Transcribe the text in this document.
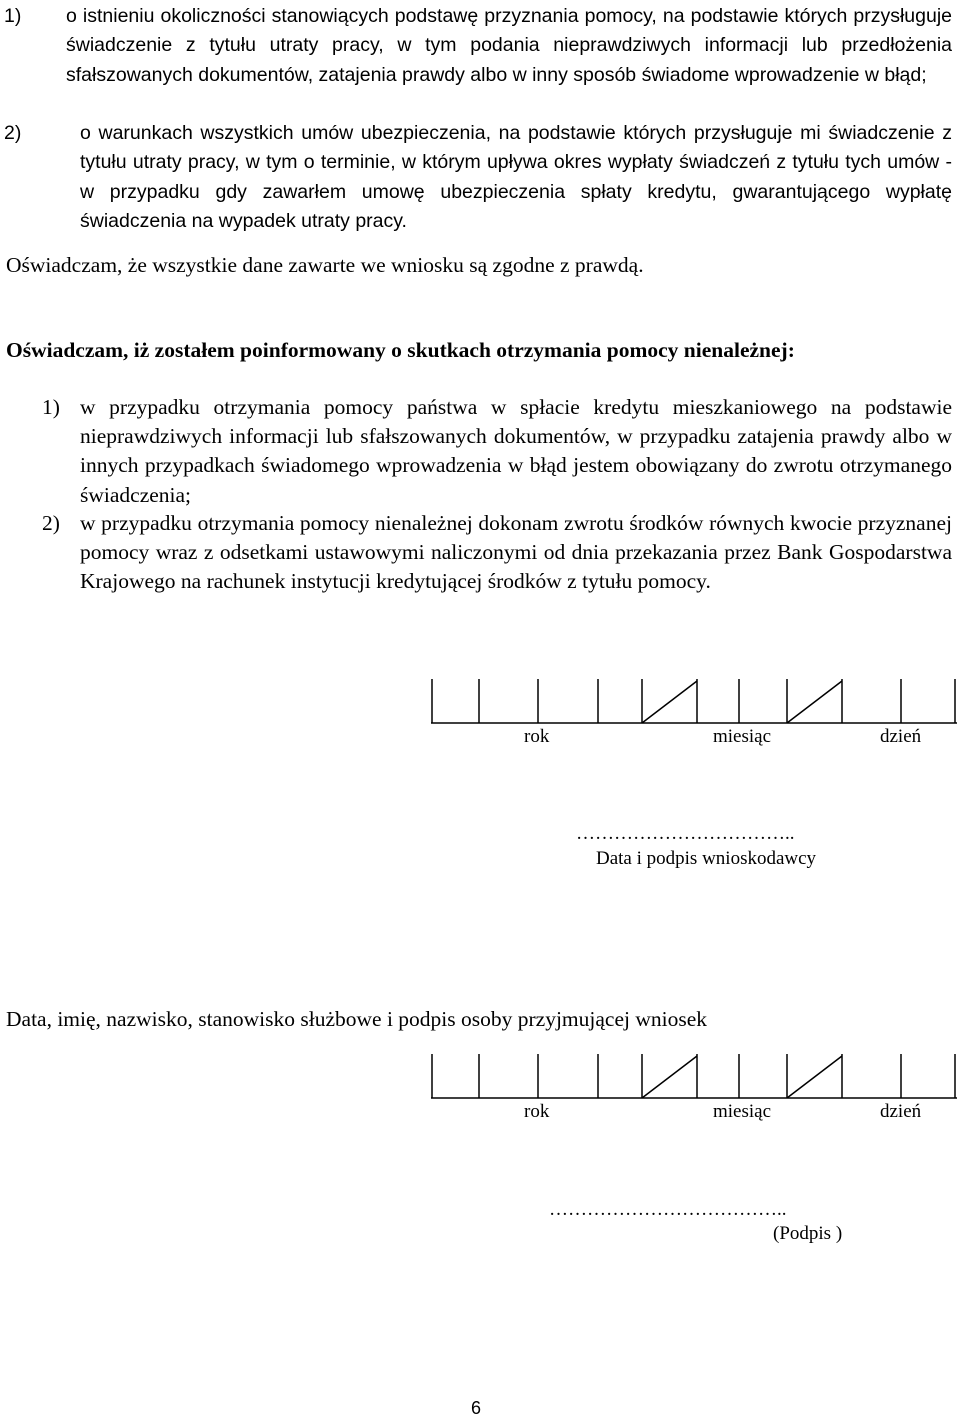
1) o istnieniu okoliczności stanowiących podstawę przyznania pomocy, na podstawie których przysługuje świadczenie z tytułu utraty pracy, w tym podania nieprawdziwych informacji lub przedłożenia sfałszowanych dokumentów, zatajenia prawdy albo w inny sposób świadome wprowadzenie w błąd;
2)	o warunkach wszystkich umów ubezpieczenia, na podstawie których przysługuje mi świadczenie z tytułu utraty pracy, w tym o terminie, w którym upływa okres wypłaty świadczeń z tytułu tych umów - w przypadku gdy zawarłem umowę ubezpieczenia spłaty kredytu, gwarantującego wypłatę świadczenia na wypadek utraty pracy.
Oświadczam, że wszystkie dane zawarte we wniosku są zgodne z prawdą.
Oświadczam, iż zostałem poinformowany o skutkach otrzymania pomocy nienależnej:
1) w przypadku otrzymania pomocy państwa w spłacie kredytu mieszkaniowego na podstawie nieprawdziwych informacji lub sfałszowanych dokumentów, w przypadku zatajenia prawdy albo w innych przypadkach świadomego wprowadzenia w błąd jestem obowiązany do zwrotu otrzymanego świadczenia;
2) w przypadku otrzymania pomocy nienależnej dokonam zwrotu środków równych kwocie przyznanej pomocy wraz z odsetkami ustawowymi naliczonymi od dnia przekazania przez Bank Gospodarstwa Krajowego na rachunek instytucji kredytującej środków z tytułu pomocy.
rok	miesiąc	dzień
……………………………..
Data i podpis wnioskodawcy
Data, imię, nazwisko, stanowisko służbowe i podpis osoby przyjmującej wniosek
rok	miesiąc	dzień
………………………………..
(Podpis )
6
